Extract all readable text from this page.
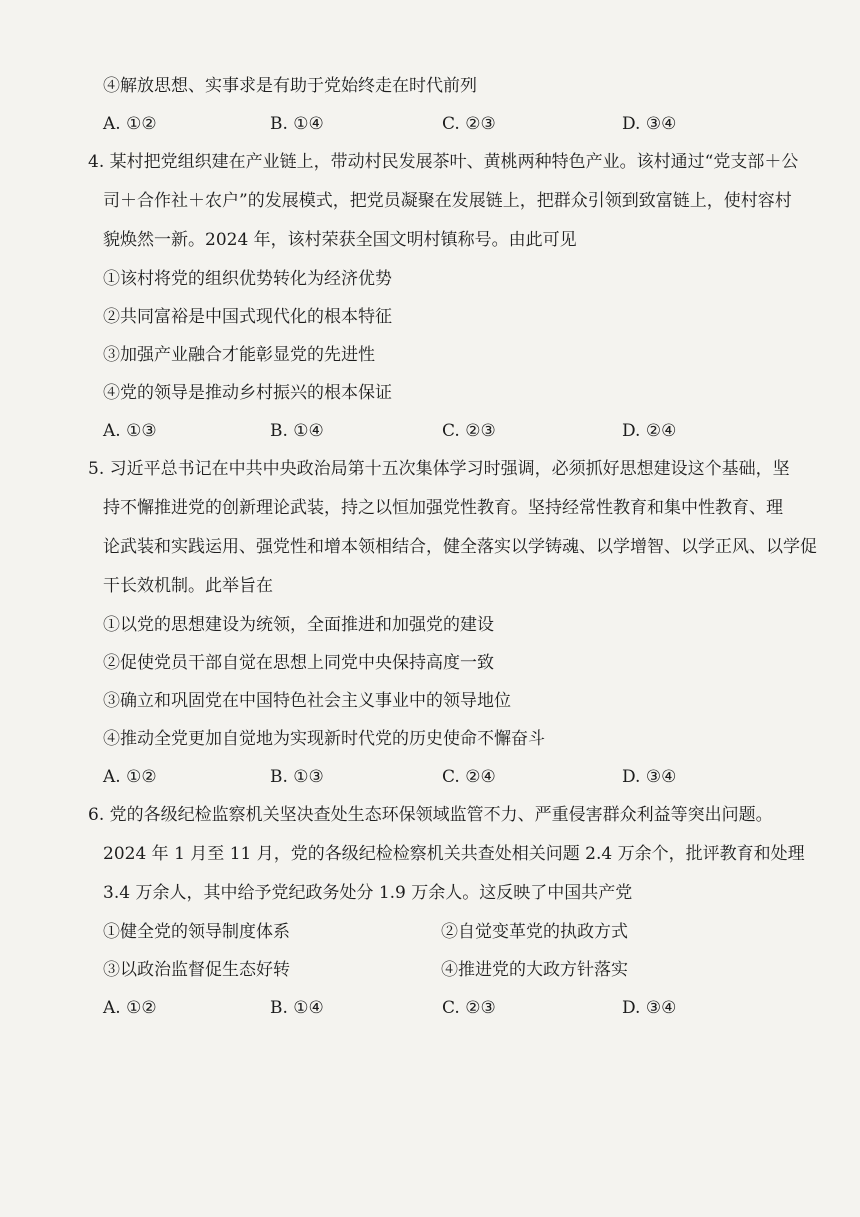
④解放思想、实事求是有助于党始终走在时代前列
A. ①②	B. ①④	C. ②③	D. ③④
4. 某村把党组织建在产业链上，带动村民发展茶叶、黄桃两种特色产业。该村通过“党支部＋公
司＋合作社＋农户”的发展模式，把党员凝聚在发展链上，把群众引领到致富链上，使村容村
貌焕然一新。2024 年，该村荣获全国文明村镇称号。由此可见
①该村将党的组织优势转化为经济优势
②共同富裕是中国式现代化的根本特征
③加强产业融合才能彰显党的先进性
④党的领导是推动乡村振兴的根本保证
A. ①③	B. ①④	C. ②③	D. ②④
5. 习近平总书记在中共中央政治局第十五次集体学习时强调，必须抓好思想建设这个基础，坚
持不懈推进党的创新理论武装，持之以恒加强党性教育。坚持经常性教育和集中性教育、理
论武装和实践运用、强党性和增本领相结合，健全落实以学铸魂、以学增智、以学正风、以学促
干长效机制。此举旨在
①以党的思想建设为统领，全面推进和加强党的建设
②促使党员干部自觉在思想上同党中央保持高度一致
③确立和巩固党在中国特色社会主义事业中的领导地位
④推动全党更加自觉地为实现新时代党的历史使命不懈奋斗
A. ①②	B. ①③	C. ②④	D. ③④
6. 党的各级纪检监察机关坚决查处生态环保领域监管不力、严重侵害群众利益等突出问题。
2024 年 1 月至 11 月，党的各级纪检检察机关共查处相关问题 2.4 万余个，批评教育和处理
3.4 万余人，其中给予党纪政务处分 1.9 万余人。这反映了中国共产党
①健全党的领导制度体系	②自觉变革党的执政方式
③以政治监督促生态好转	④推进党的大政方针落实
A. ①②	B. ①④	C. ②③	D. ③④
